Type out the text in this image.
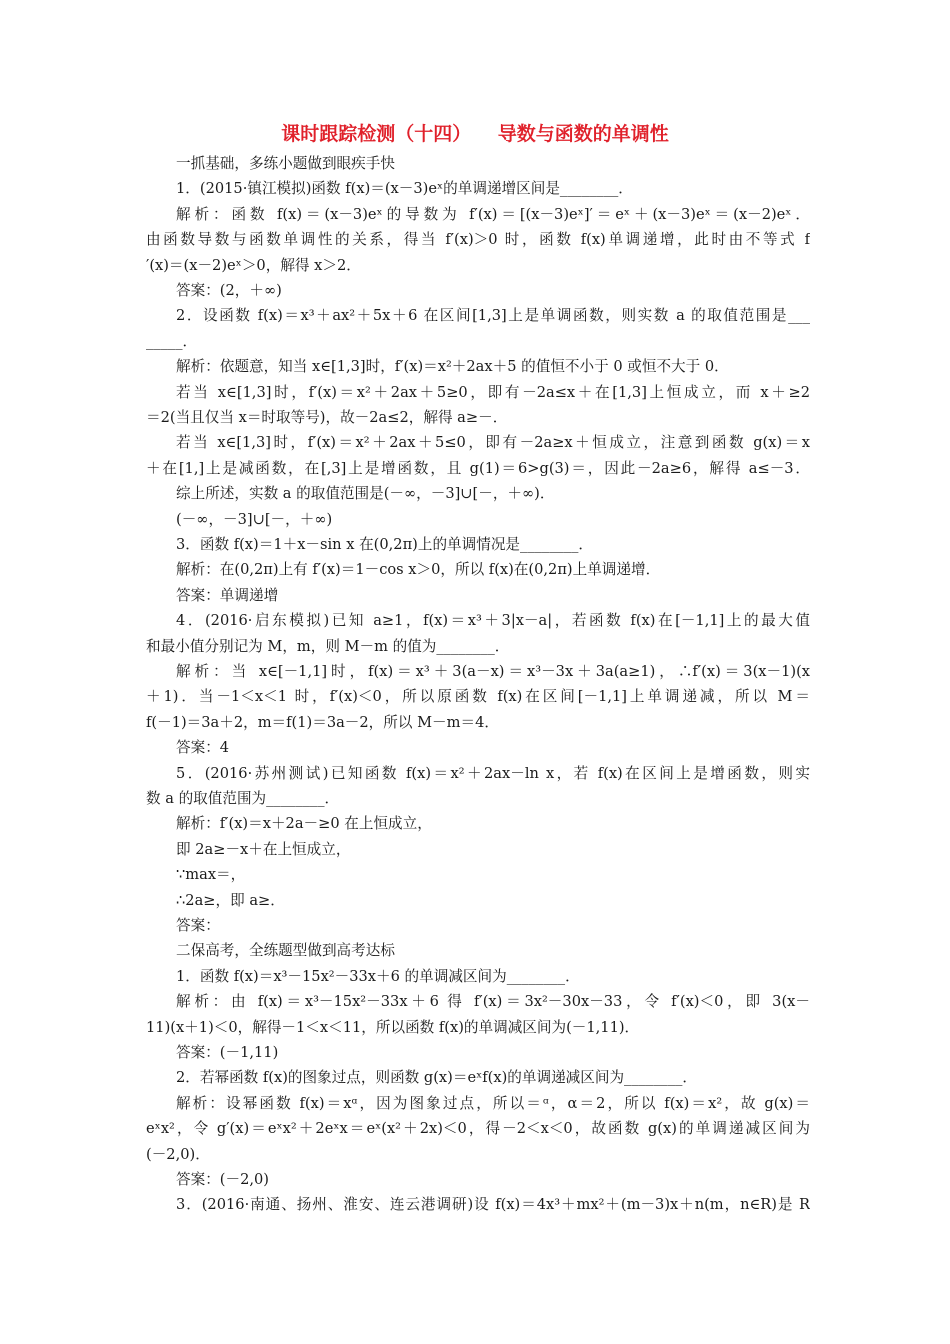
课时跟踪检测（十四）    导数与函数的单调性
一抓基础，多练小题做到眼疾手快
1．(2015·镇江模拟)函数 f(x)＝(x－3)eˣ的单调递增区间是________．
解析：函数 f(x)＝(x－3)eˣ的导数为 f′(x)＝[(x－3)eˣ]′＝eˣ＋(x－3)eˣ＝(x－2)eˣ．
由函数导数与函数单调性的关系，得当 f′(x)＞0 时，函数 f(x)单调递增，此时由不等式 f
′(x)＝(x－2)eˣ＞0，解得 x＞2．
答案：(2，＋∞)
2．设函数 f(x)＝x³＋ax²＋5x＋6 在区间[1,3]上是单调函数，则实数 a 的取值范围是___
_____．
解析：依题意，知当 x∈[1,3]时，f′(x)＝x²＋2ax＋5 的值恒不小于 0 或恒不大于 0．
若当 x∈[1,3]时，f′(x)＝x²＋2ax＋5≥0，即有－2a≤x＋在[1,3]上恒成立，而 x＋≥2
＝2(当且仅当 x＝时取等号)，故－2a≤2，解得 a≥－．
若当 x∈[1,3]时，f′(x)＝x²＋2ax＋5≤0，即有－2a≥x＋恒成立，注意到函数 g(x)＝x
＋在[1,]上是减函数，在[,3]上是增函数，且 g(1)＝6>g(3)＝，因此－2a≥6，解得 a≤－3．
综上所述，实数 a 的取值范围是(－∞，－3]∪[－，＋∞)．
(－∞，－3]∪[－，＋∞)
3．函数 f(x)＝1＋x－sin x 在(0,2π)上的单调情况是________．
解析：在(0,2π)上有 f′(x)＝1－cos x＞0，所以 f(x)在(0,2π)上单调递增．
答案：单调递增
4．(2016·启东模拟)已知 a≥1，f(x)＝x³＋3|x－a|，若函数 f(x)在[－1,1]上的最大值
和最小值分别记为 M，m，则 M－m 的值为________．
解析：当 x∈[－1,1]时，f(x)＝x³＋3(a－x)＝x³－3x＋3a(a≥1)，∴f′(x)＝3(x－1)(x
＋1)．当－1＜x＜1 时，f′(x)＜0，所以原函数 f(x)在区间[－1,1]上单调递减，所以 M＝
f(－1)＝3a＋2，m＝f(1)＝3a－2，所以 M－m＝4．
答案：4
5．(2016·苏州测试)已知函数 f(x)＝x²＋2ax－ln x，若 f(x)在区间上是增函数，则实
数 a 的取值范围为________．
解析：f′(x)＝x＋2a－≥0 在上恒成立，
即 2a≥－x＋在上恒成立，
∵max＝，
∴2a≥，即 a≥．
答案：
二保高考，全练题型做到高考达标
1．函数 f(x)＝x³－15x²－33x＋6 的单调减区间为________．
解析：由 f(x)＝x³－15x²－33x＋6 得 f′(x)＝3x²－30x－33，令 f′(x)＜0，即 3(x－
11)(x＋1)＜0，解得－1＜x＜11，所以函数 f(x)的单调减区间为(－1,11)．
答案：(－1,11)
2．若幂函数 f(x)的图象过点，则函数 g(x)＝eˣf(x)的单调递减区间为________．
解析：设幂函数 f(x)＝xᵅ，因为图象过点，所以＝ᵅ，α＝2，所以 f(x)＝x²，故 g(x)＝
eˣx²，令 g′(x)＝eˣx²＋2eˣx＝eˣ(x²＋2x)＜0，得－2＜x＜0，故函数 g(x)的单调递减区间为
(－2,0)．
答案：(－2,0)
3．(2016·南通、扬州、淮安、连云港调研)设 f(x)＝4x³＋mx²＋(m－3)x＋n(m，n∈R)是 R
